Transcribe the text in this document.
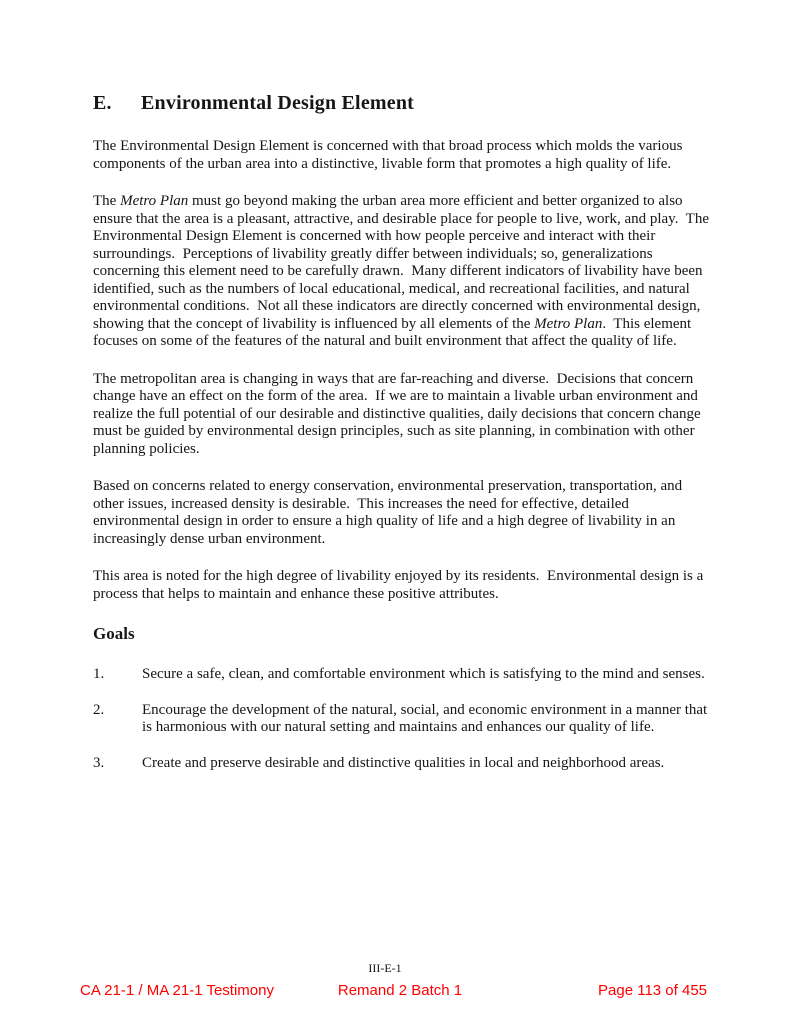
E. Environmental Design Element

The Environmental Design Element is concerned with that broad process which molds the various components of the urban area into a distinctive, livable form that promotes a high quality of life.

The Metro Plan must go beyond making the urban area more efficient and better organized to also ensure that the area is a pleasant, attractive, and desirable place for people to live, work, and play.  The Environmental Design Element is concerned with how people perceive and interact with their surroundings.  Perceptions of livability greatly differ between individuals; so, generalizations concerning this element need to be carefully drawn.  Many different indicators of livability have been identified, such as the numbers of local educational, medical, and recreational facilities, and natural environmental conditions.  Not all these indicators are directly concerned with environmental design, showing that the concept of livability is influenced by all elements of the Metro Plan.  This element focuses on some of the features of the natural and built environment that affect the quality of life.

The metropolitan area is changing in ways that are far-reaching and diverse.  Decisions that concern change have an effect on the form of the area.  If we are to maintain a livable urban environment and realize the full potential of our desirable and distinctive qualities, daily decisions that concern change must be guided by environmental design principles, such as site planning, in combination with other planning policies.

Based on concerns related to energy conservation, environmental preservation, transportation, and other issues, increased density is desirable.  This increases the need for effective, detailed environmental design in order to ensure a high quality of life and a high degree of livability in an increasingly dense urban environment.

This area is noted for the high degree of livability enjoyed by its residents.  Environmental design is a process that helps to maintain and enhance these positive attributes.

Goals
1.	Secure a safe, clean, and comfortable environment which is satisfying to the mind and senses.
2.	Encourage the development of the natural, social, and economic environment in a manner that is harmonious with our natural setting and maintains and enhances our quality of life.
3.	Create and preserve desirable and distinctive qualities in local and neighborhood areas.
III-E-1
CA 21-1 / MA 21-1 Testimony	Remand 2 Batch 1	Page 113 of 455
